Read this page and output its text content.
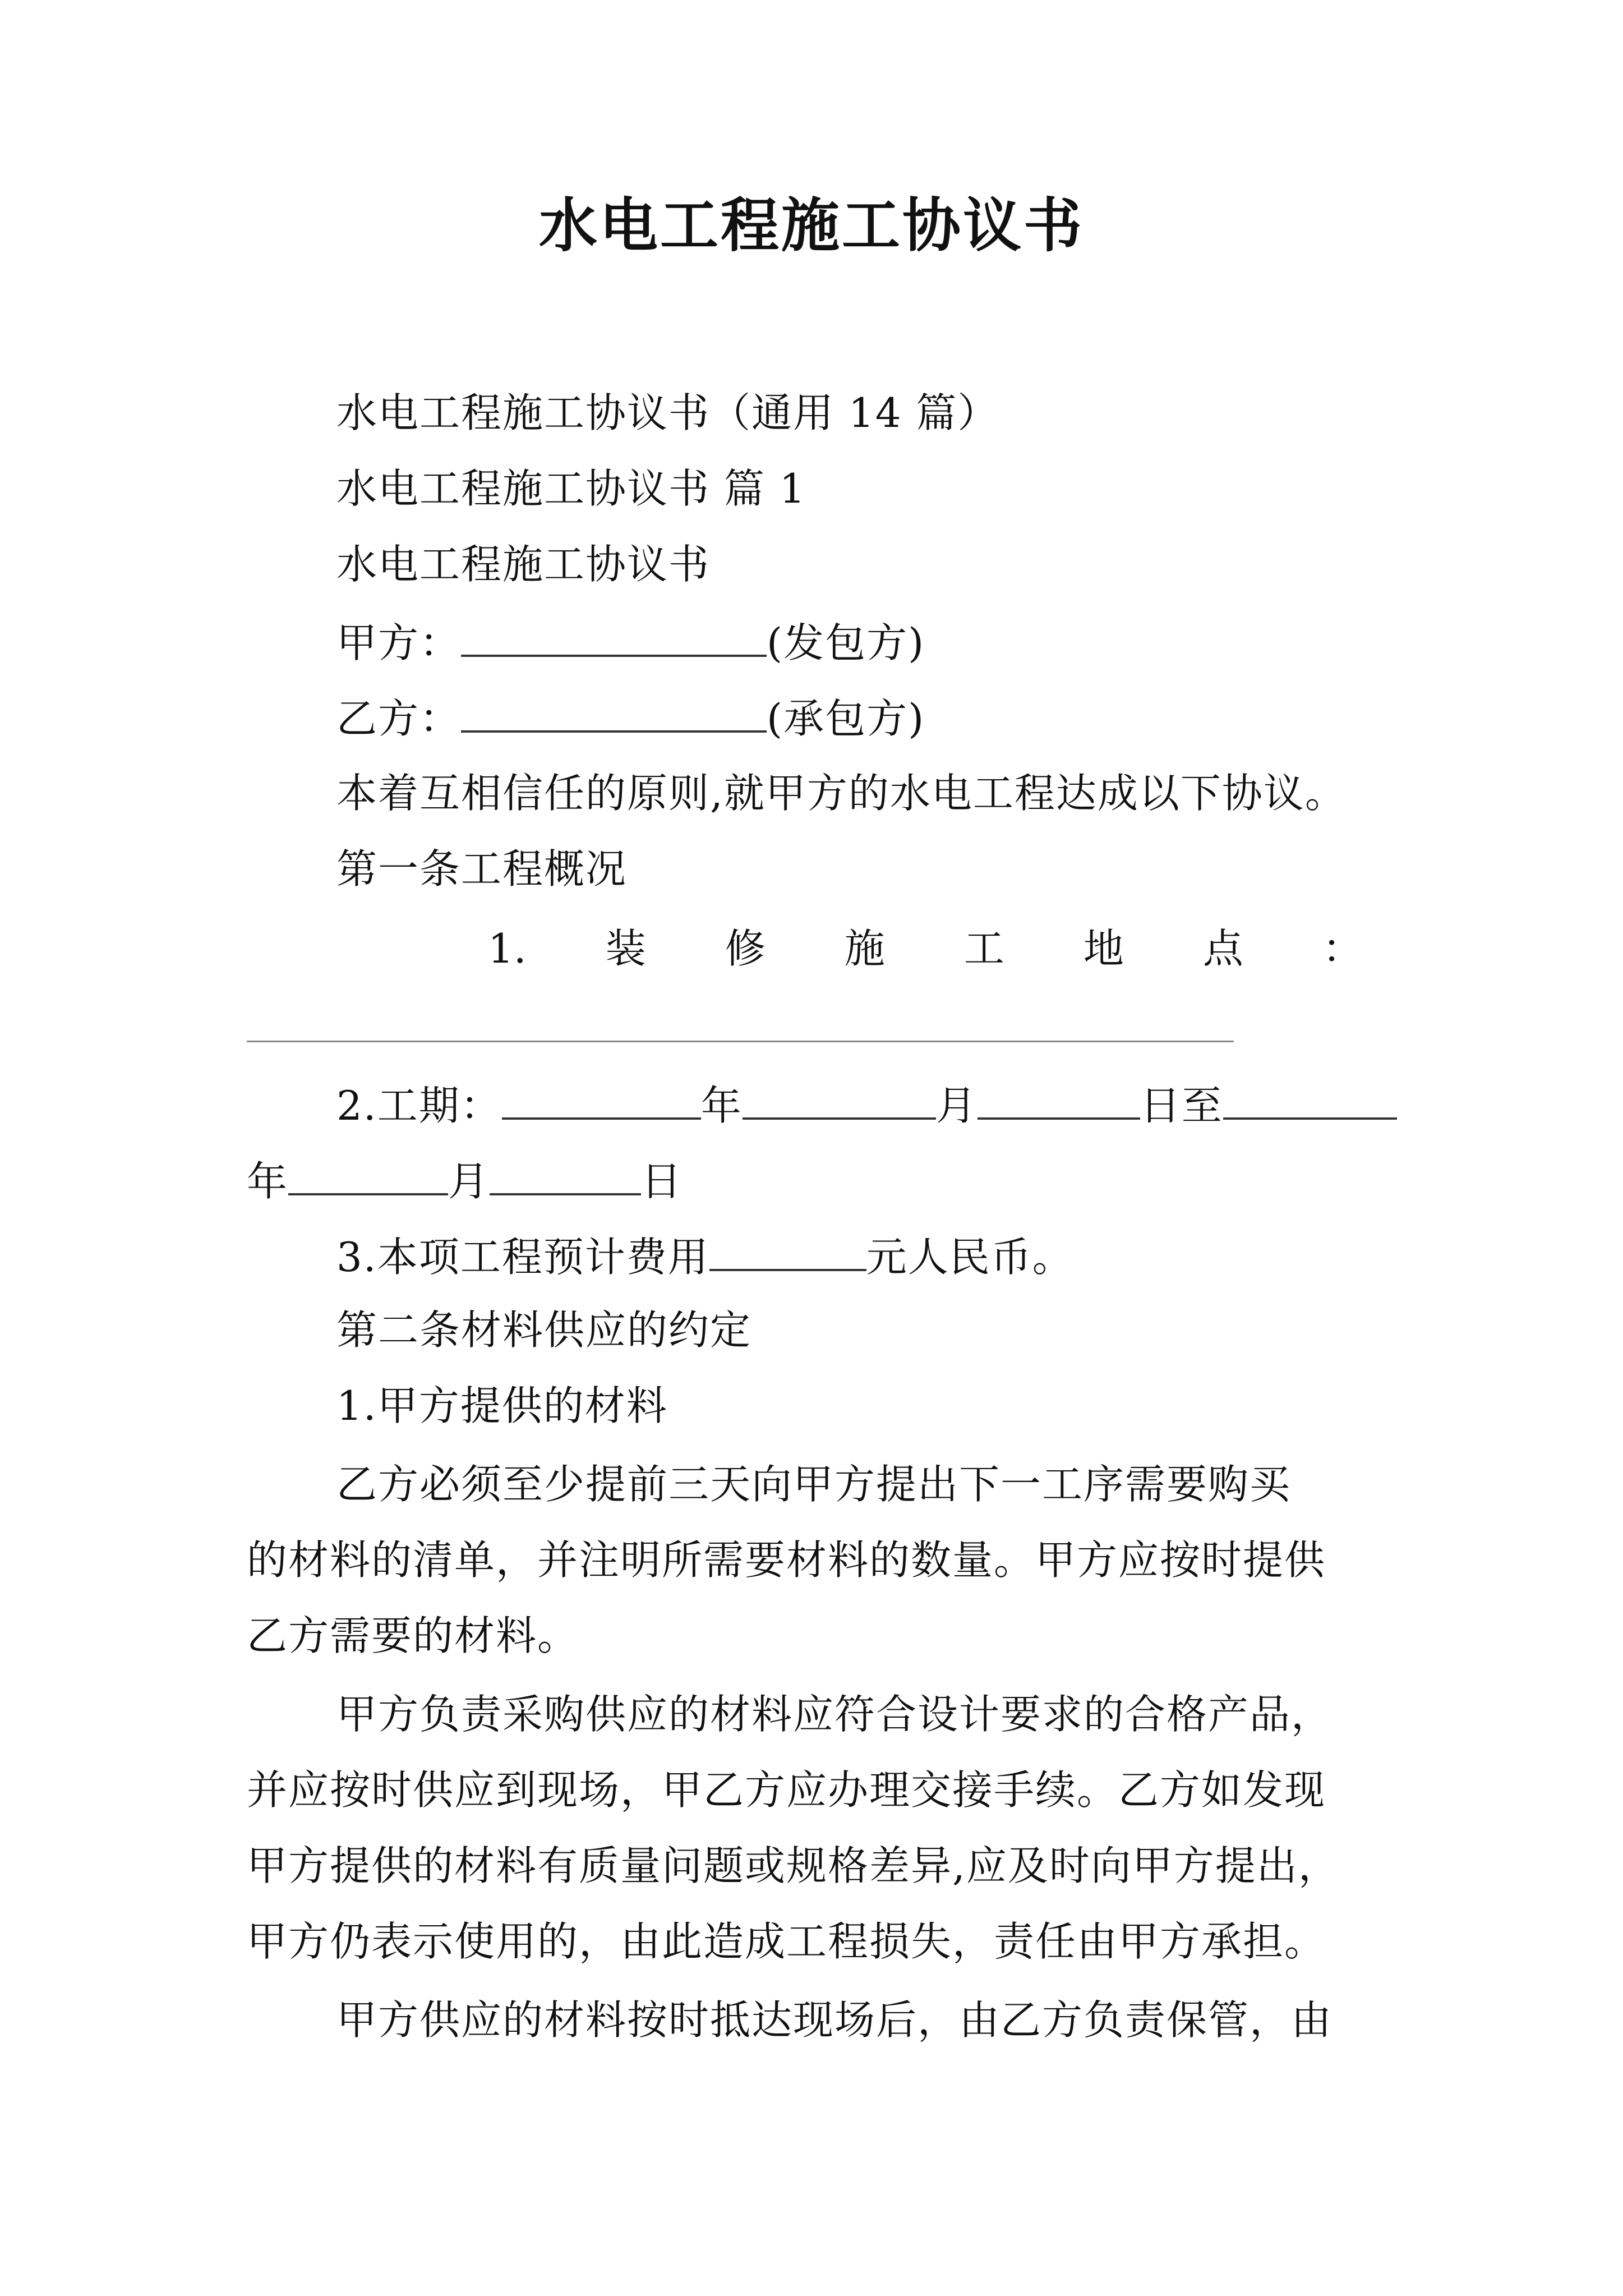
水电工程施工协议书
水电工程施工协议书（通用 14 篇）
水电工程施工协议书 篇 1
水电工程施工协议书
甲方：	(发包方)
乙方：	(承包方)
本着互相信任的原则,就甲方的水电工程达成以下协议。
第一条工程概况
1. 装 修 施 工 地 点 ：
2.工期：	年	月	日至
年	月	日
3.本项工程预计费用	元人民币。
第二条材料供应的约定
1.甲方提供的材料
乙方必须至少提前三天向甲方提出下一工序需要购买
的材料的清单，并注明所需要材料的数量。甲方应按时提供
乙方需要的材料。
甲方负责采购供应的材料应符合设计要求的合格产品，
并应按时供应到现场，甲乙方应办理交接手续。乙方如发现
甲方提供的材料有质量问题或规格差异,应及时向甲方提出，
甲方仍表示使用的，由此造成工程损失，责任由甲方承担。
甲方供应的材料按时抵达现场后，由乙方负责保管，由
